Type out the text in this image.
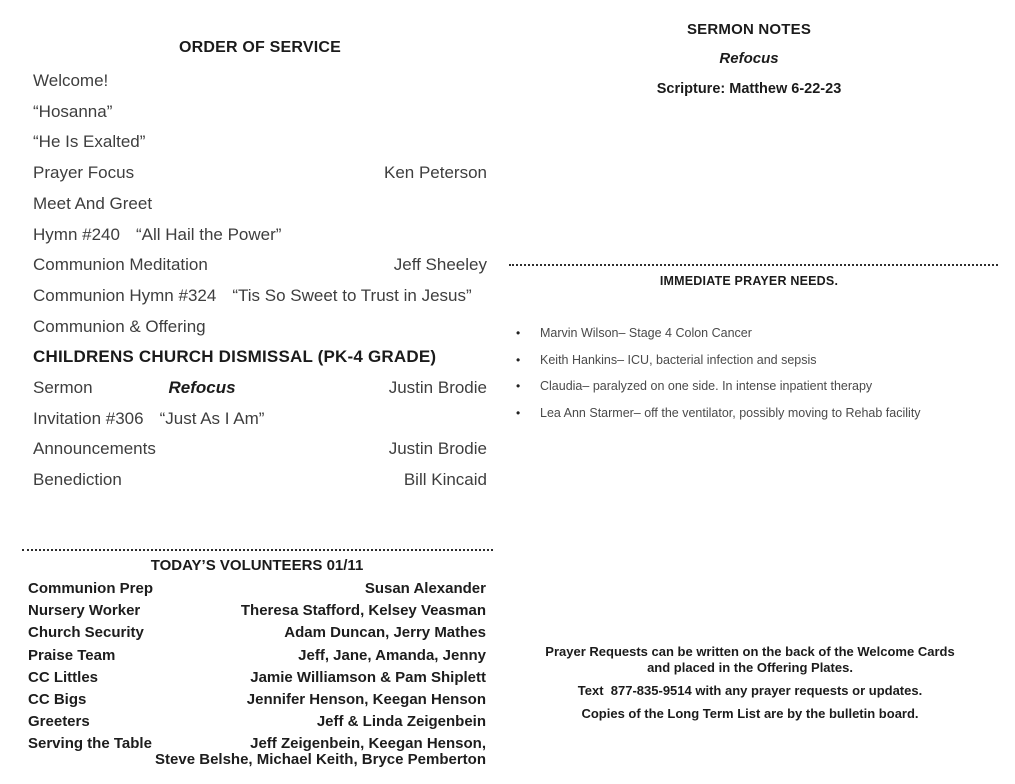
ORDER OF SERVICE
Welcome!
“Hosanna”
“He Is Exalted”
Prayer Focus	Ken Peterson
Meet And Greet
Hymn #240 “All Hail the Power”
Communion Meditation	Jeff Sheeley
Communion Hymn #324 “Tis So Sweet to Trust in Jesus”
Communion & Offering
CHILDRENS CHURCH DISMISSAL (PK-4 GRADE)
Sermon	Refocus	Justin Brodie
Invitation #306 “Just As I Am”
Announcements	Justin Brodie
Benediction	Bill Kincaid
TODAY’S VOLUNTEERS 01/11
Communion Prep	Susan Alexander
Nursery Worker	Theresa Stafford, Kelsey Veasman
Church Security	Adam Duncan, Jerry Mathes
Praise Team	Jeff, Jane, Amanda, Jenny
CC Littles	Jamie Williamson & Pam Shiplett
CC Bigs	Jennifer Henson, Keegan Henson
Greeters	Jeff & Linda Zeigenbein
Serving the Table	Jeff Zeigenbein, Keegan Henson,
Steve Belshe, Michael Keith, Bryce Pemberton
SERMON NOTES
Refocus
Scripture: Matthew 6-22-23
IMMEDIATE PRAYER NEEDS.
•	Marvin Wilson– Stage 4 Colon Cancer
•	Keith Hankins– ICU, bacterial infection and sepsis
•	Claudia– paralyzed on one side. In intense inpatient therapy
•	Lea Ann Starmer– off the ventilator, possibly moving to Rehab facility

Prayer Requests can be written on the back of the Welcome Cards
and placed in the Offering Plates.

Text  877-835-9514 with any prayer requests or updates.

Copies of the Long Term List are by the bulletin board.
